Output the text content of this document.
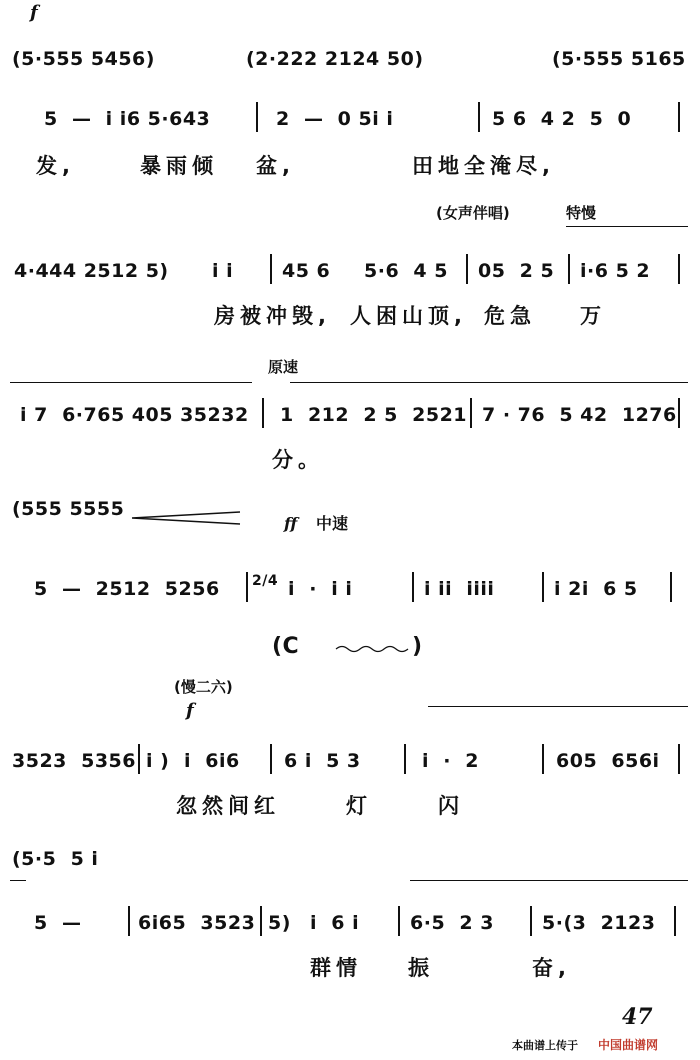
f
(5·555 5456)	(2·222 2124 50)	(5·555 5165
5  —  i i6 5·643	2  —  0 5i i	5 6  4 2  5  0
发,	暴雨倾 盆,	田地全淹尽,
(女声伴唱)	特慢
4·444 2512 5) i i	45 6 5·6  4 5 05  2 5 i·6 5 2
房被冲毁, 人困山顶, 危急 万
原速
i 7  6·765 405 35232 1  212  2 5  2521 7 · 76  5 42  1276
分。
(555 5555
ff 中速
5  —  2512  5256 2/4 i  ·  i i	i ii  iiii	i 2i  6 5
(C	)
(慢二六)
f
3523  5356 i ) i  6i6 6 i  5 3	i  ·  2	605  656i
忽然间红	灯	闪
(5·5  5 i
5  —	6i65  3523 5) i  6 i	6·5  2 3	5·(3  2123
群情 振	奋,
47
本曲谱上传于 中国曲谱网
